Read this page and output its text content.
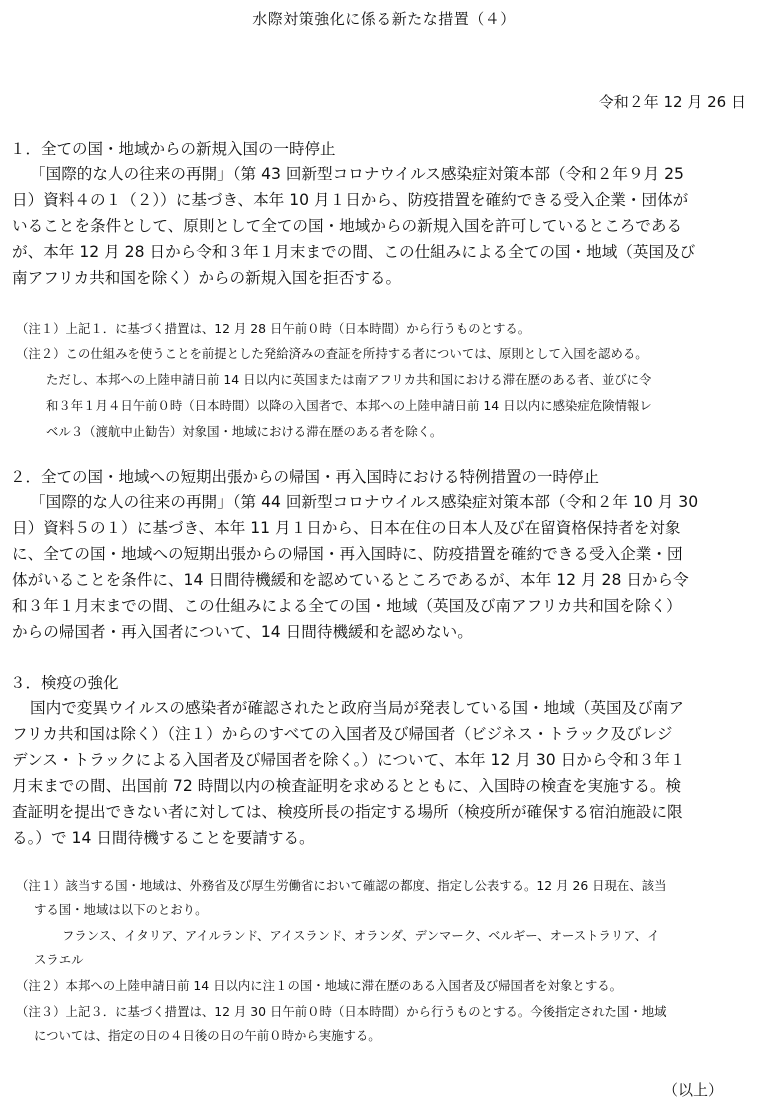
水際対策強化に係る新たな措置（４）
令和２年 12 月 26 日
１．全ての国・地域からの新規入国の一時停止
「国際的な人の往来の再開」（第 43 回新型コロナウイルス感染症対策本部（令和２年９月 25
日）資料４の１（２））に基づき、本年 10 月１日から、防疫措置を確約できる受入企業・団体が
いることを条件として、原則として全ての国・地域からの新規入国を許可しているところである
が、本年 12 月 28 日から令和３年１月末までの間、この仕組みによる全ての国・地域（英国及び
南アフリカ共和国を除く）からの新規入国を拒否する。
（注１）上記１．に基づく措置は、12 月 28 日午前０時（日本時間）から行うものとする。
（注２）この仕組みを使うことを前提とした発給済みの査証を所持する者については、原則として入国を認める。
ただし、本邦への上陸申請日前 14 日以内に英国または南アフリカ共和国における滞在歴のある者、並びに令
和３年１月４日午前０時（日本時間）以降の入国者で、本邦への上陸申請日前 14 日以内に感染症危険情報レ
ベル３（渡航中止勧告）対象国・地域における滞在歴のある者を除く。
２．全ての国・地域への短期出張からの帰国・再入国時における特例措置の一時停止
「国際的な人の往来の再開」（第 44 回新型コロナウイルス感染症対策本部（令和２年 10 月 30
日）資料５の１）に基づき、本年 11 月１日から、日本在住の日本人及び在留資格保持者を対象
に、全ての国・地域への短期出張からの帰国・再入国時に、防疫措置を確約できる受入企業・団
体がいることを条件に、14 日間待機緩和を認めているところであるが、本年 12 月 28 日から令
和３年１月末までの間、この仕組みによる全ての国・地域（英国及び南アフリカ共和国を除く）
からの帰国者・再入国者について、14 日間待機緩和を認めない。
３．検疫の強化
国内で変異ウイルスの感染者が確認されたと政府当局が発表している国・地域（英国及び南ア
フリカ共和国は除く）（注１）からのすべての入国者及び帰国者（ビジネス・トラック及びレジ
デンス・トラックによる入国者及び帰国者を除く。）について、本年 12 月 30 日から令和３年１
月末までの間、出国前 72 時間以内の検査証明を求めるとともに、入国時の検査を実施する。検
査証明を提出できない者に対しては、検疫所長の指定する場所（検疫所が確保する宿泊施設に限
る。）で 14 日間待機することを要請する。
（注１）該当する国・地域は、外務省及び厚生労働省において確認の都度、指定し公表する。12 月 26 日現在、該当
する国・地域は以下のとおり。
フランス、イタリア、アイルランド、アイスランド、オランダ、デンマーク、ベルギー、オーストラリア、イ
スラエル
（注２）本邦への上陸申請日前 14 日以内に注１の国・地域に滞在歴のある入国者及び帰国者を対象とする。
（注３）上記３．に基づく措置は、12 月 30 日午前０時（日本時間）から行うものとする。今後指定された国・地域
については、指定の日の４日後の日の午前０時から実施する。
（以上）
